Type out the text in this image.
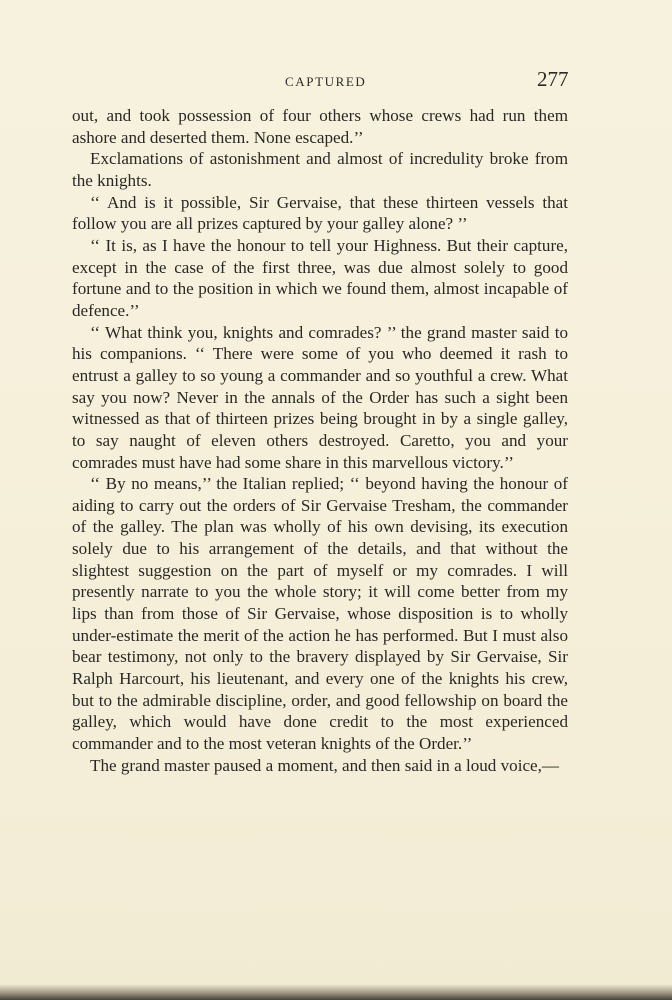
CAPTURED	277

out, and took possession of four others whose crews had run them ashore and deserted them. None escaped.’’

Exclamations of astonishment and almost of incredulity broke from the knights.

‘‘ And is it possible, Sir Gervaise, that these thirteen vessels that follow you are all prizes captured by your galley alone? ’’

‘‘ It is, as I have the honour to tell your Highness. But their capture, except in the case of the first three, was due almost solely to good fortune and to the position in which we found them, almost incapable of defence.’’

‘‘ What think you, knights and comrades? ’’ the grand master said to his companions. ‘‘ There were some of you who deemed it rash to entrust a galley to so young a commander and so youthful a crew. What say you now? Never in the annals of the Order has such a sight been witnessed as that of thirteen prizes being brought in by a single galley, to say naught of eleven others destroyed. Caretto, you and your comrades must have had some share in this marvellous victory.’’

‘‘ By no means,’’ the Italian replied; ‘‘ beyond having the honour of aiding to carry out the orders of Sir Gervaise Tresham, the commander of the galley. The plan was wholly of his own devising, its execution solely due to his arrangement of the details, and that without the slightest suggestion on the part of myself or my comrades. I will presently narrate to you the whole story; it will come better from my lips than from those of Sir Gervaise, whose disposition is to wholly under-estimate the merit of the action he has performed. But I must also bear testimony, not only to the bravery displayed by Sir Gervaise, Sir Ralph Harcourt, his lieutenant, and every one of the knights his crew, but to the admirable discipline, order, and good fellowship on board the galley, which would have done credit to the most experienced commander and to the most veteran knights of the Order.’’

The grand master paused a moment, and then said in a loud voice,—
